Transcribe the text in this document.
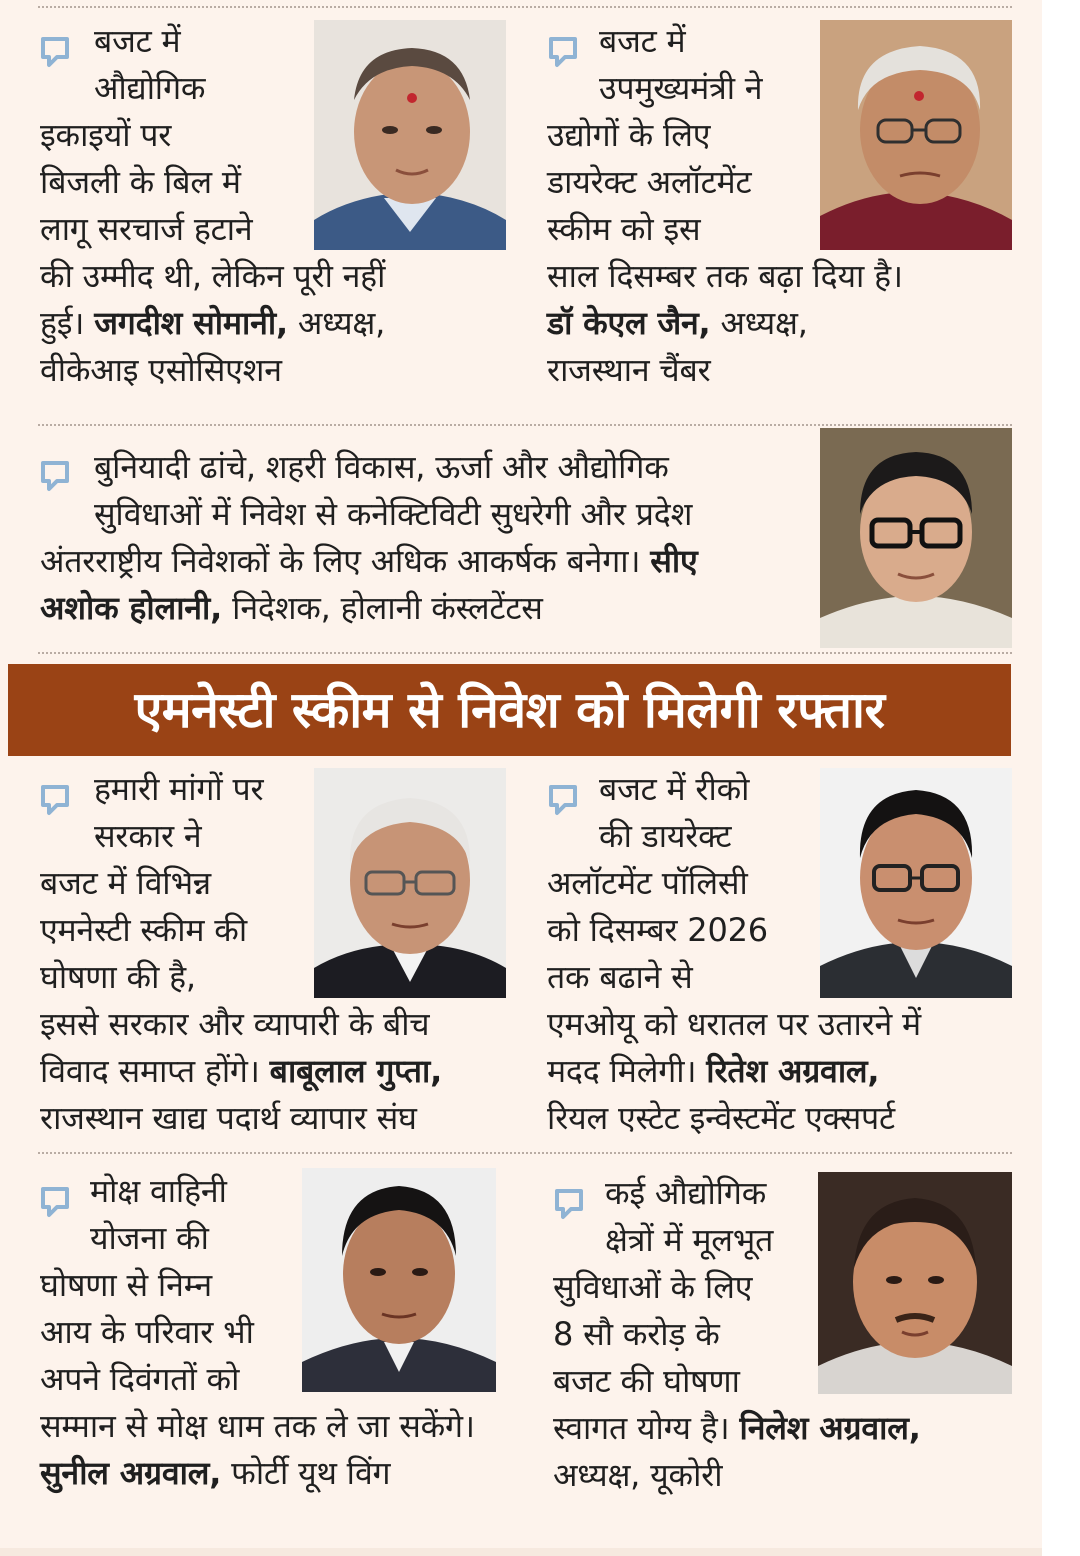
बजट में

औद्योगिक

इकाइयों पर

बिजली के बिल में

लागू सरचार्ज हटाने

की उम्मीद थी, लेकिन पूरी नहीं

हुई। जगदीश सोमानी, अध्यक्ष,

वीकेआइ एसोसिएशन

बजट में

उपमुख्यमंत्री ने

उद्योगों के लिए

डायरेक्ट अलॉटमेंट

स्कीम को इस

साल दिसम्बर तक बढ़ा दिया है।

डॉ केएल जैन, अध्यक्ष,

राजस्थान चैंबर

बुनियादी ढांचे, शहरी विकास, ऊर्जा और औद्योगिक

सुविधाओं में निवेश से कनेक्टिविटी सुधरेगी और प्रदेश

अंतरराष्ट्रीय निवेशकों के लिए अधिक आकर्षक बनेगा। सीए

अशोक होलानी, निदेशक, होलानी कंस्लटेंटस

एमनेस्टी स्कीम से निवेश को मिलेगी रफ्तार

हमारी मांगों पर

सरकार ने

बजट में विभिन्न

एमनेस्टी स्कीम की

घोषणा की है,

इससे सरकार और व्यापारी के बीच

विवाद समाप्त होंगे। बाबूलाल गुप्ता,

राजस्थान खाद्य पदार्थ व्यापार संघ

बजट में रीको

की डायरेक्ट

अलॉटमेंट पॉलिसी

को दिसम्बर 2026

तक बढाने से

एमओयू को धरातल पर उतारने में

मदद मिलेगी। रितेश अग्रवाल,

रियल एस्टेट इन्वेस्टमेंट एक्सपर्ट

मोक्ष वाहिनी

योजना की

घोषणा से निम्न

आय के परिवार भी

अपने दिवंगतों को

सम्मान से मोक्ष धाम तक ले जा सकेंगे।

सुनील अग्रवाल, फोर्टी यूथ विंग

कई औद्योगिक

क्षेत्रों में मूलभूत

सुविधाओं के लिए

8 सौ करोड़ के

बजट की घोषणा

स्वागत योग्य है। निलेश अग्रवाल,

अध्यक्ष, यूकोरी
